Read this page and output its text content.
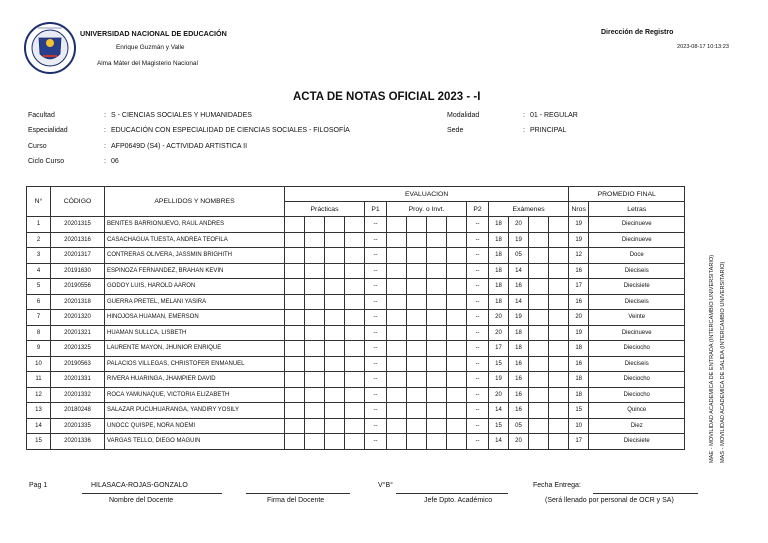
UNIVERSIDAD NACIONAL DE EDUCACIÓN
Enrique Guzmán y Valle
Alma Máter del Magisterio Nacional
Dirección de Registro
2023-08-17 10:13:23
ACTA DE NOTAS OFICIAL 2023 - -I
Facultad	: S - CIENCIAS SOCIALES Y HUMANIDADES
Especialidad	: EDUCACIÓN CON ESPECIALIDAD DE CIENCIAS SOCIALES - FILOSOFÍA
Curso	: AFP0649D (S4) - ACTIVIDAD ARTISTICA II
Ciclo Curso	: 06
Modalidad	: 01 - REGULAR
Sede	: PRINCIPAL
N°	CÓDIGO	APELLIDOS Y NOMBRES	EVALUACION														PROMEDIO FINAL	
			Prácticas				P1	Proy. o Invt.				P2	Exámenes				Nros	Letras
1	20201315	BENITES BARRIONUEVO, RAUL ANDRES					--					--	18	20			19	Diecinueve
2	20201316	CASACHAGUA TUESTA, ANDREA TEOFILA					--					--	18	19			19	Diecinueve
3	20201317	CONTRERAS OLIVERA, JASSMIN BRIGHITH					--					--	18	05			12	Doce
4	20191630	ESPINOZA FERNANDEZ, BRAHAN KEVIN					--					--	18	14			16	Dieciseis
5	20190556	GODOY LUIS, HAROLD AARON					--					--	18	16			17	Diecisiete
6	20201318	GUERRA PRETEL, MELANI YASIRA					--					--	18	14			16	Dieciseis
7	20201320	HINOJOSA HUAMAN, EMERSON					--					--	20	19			20	Veinte
8	20201321	HUAMAN SULLCA, LISBETH					--					--	20	18			19	Diecinueve
9	20201325	LAURENTE MAYON, JHUNIOR ENRIQUE					--					--	17	18			18	Dieciocho
10	20190563	PALACIOS VILLEGAS, CHRISTOFER ENMANUEL					--					--	15	16			16	Dieciseis
11	20201331	RIVERA HUARINGA, JHAMPIER DAVID					--					--	19	16			18	Dieciocho
12	20201332	ROCA YAMUNAQUE, VICTORIA ELIZABETH					--					--	20	16			18	Dieciocho
13	20180248	SALAZAR PUCUHUARANGA, YANDIRY YOSILY					--					--	14	16			15	Quince
14	20201335	UNOCC QUISPE, NORA NOEMI					--					--	15	05			10	Diez
15	20201336	VARGAS TELLO, DIEGO MAGUIN					--					--	14	20			17	Diecisiete	MAE - MOVILIDAD ACADEMICA DE ENTRADA (INTERCAMBIO UNIVERSITARIO) MAS - MOVILIDAD ACADEMICA DE SALIDA (INTERCAMBIO UNIVERSITARIO)
Pag 1	HILASACA-ROJAS-GONZALO	V°B°	Fecha Entrega:
Nombre del Docente	Firma del Docente	Jefe Dpto. Académico	(Será llenado por personal de OCR y SA)
